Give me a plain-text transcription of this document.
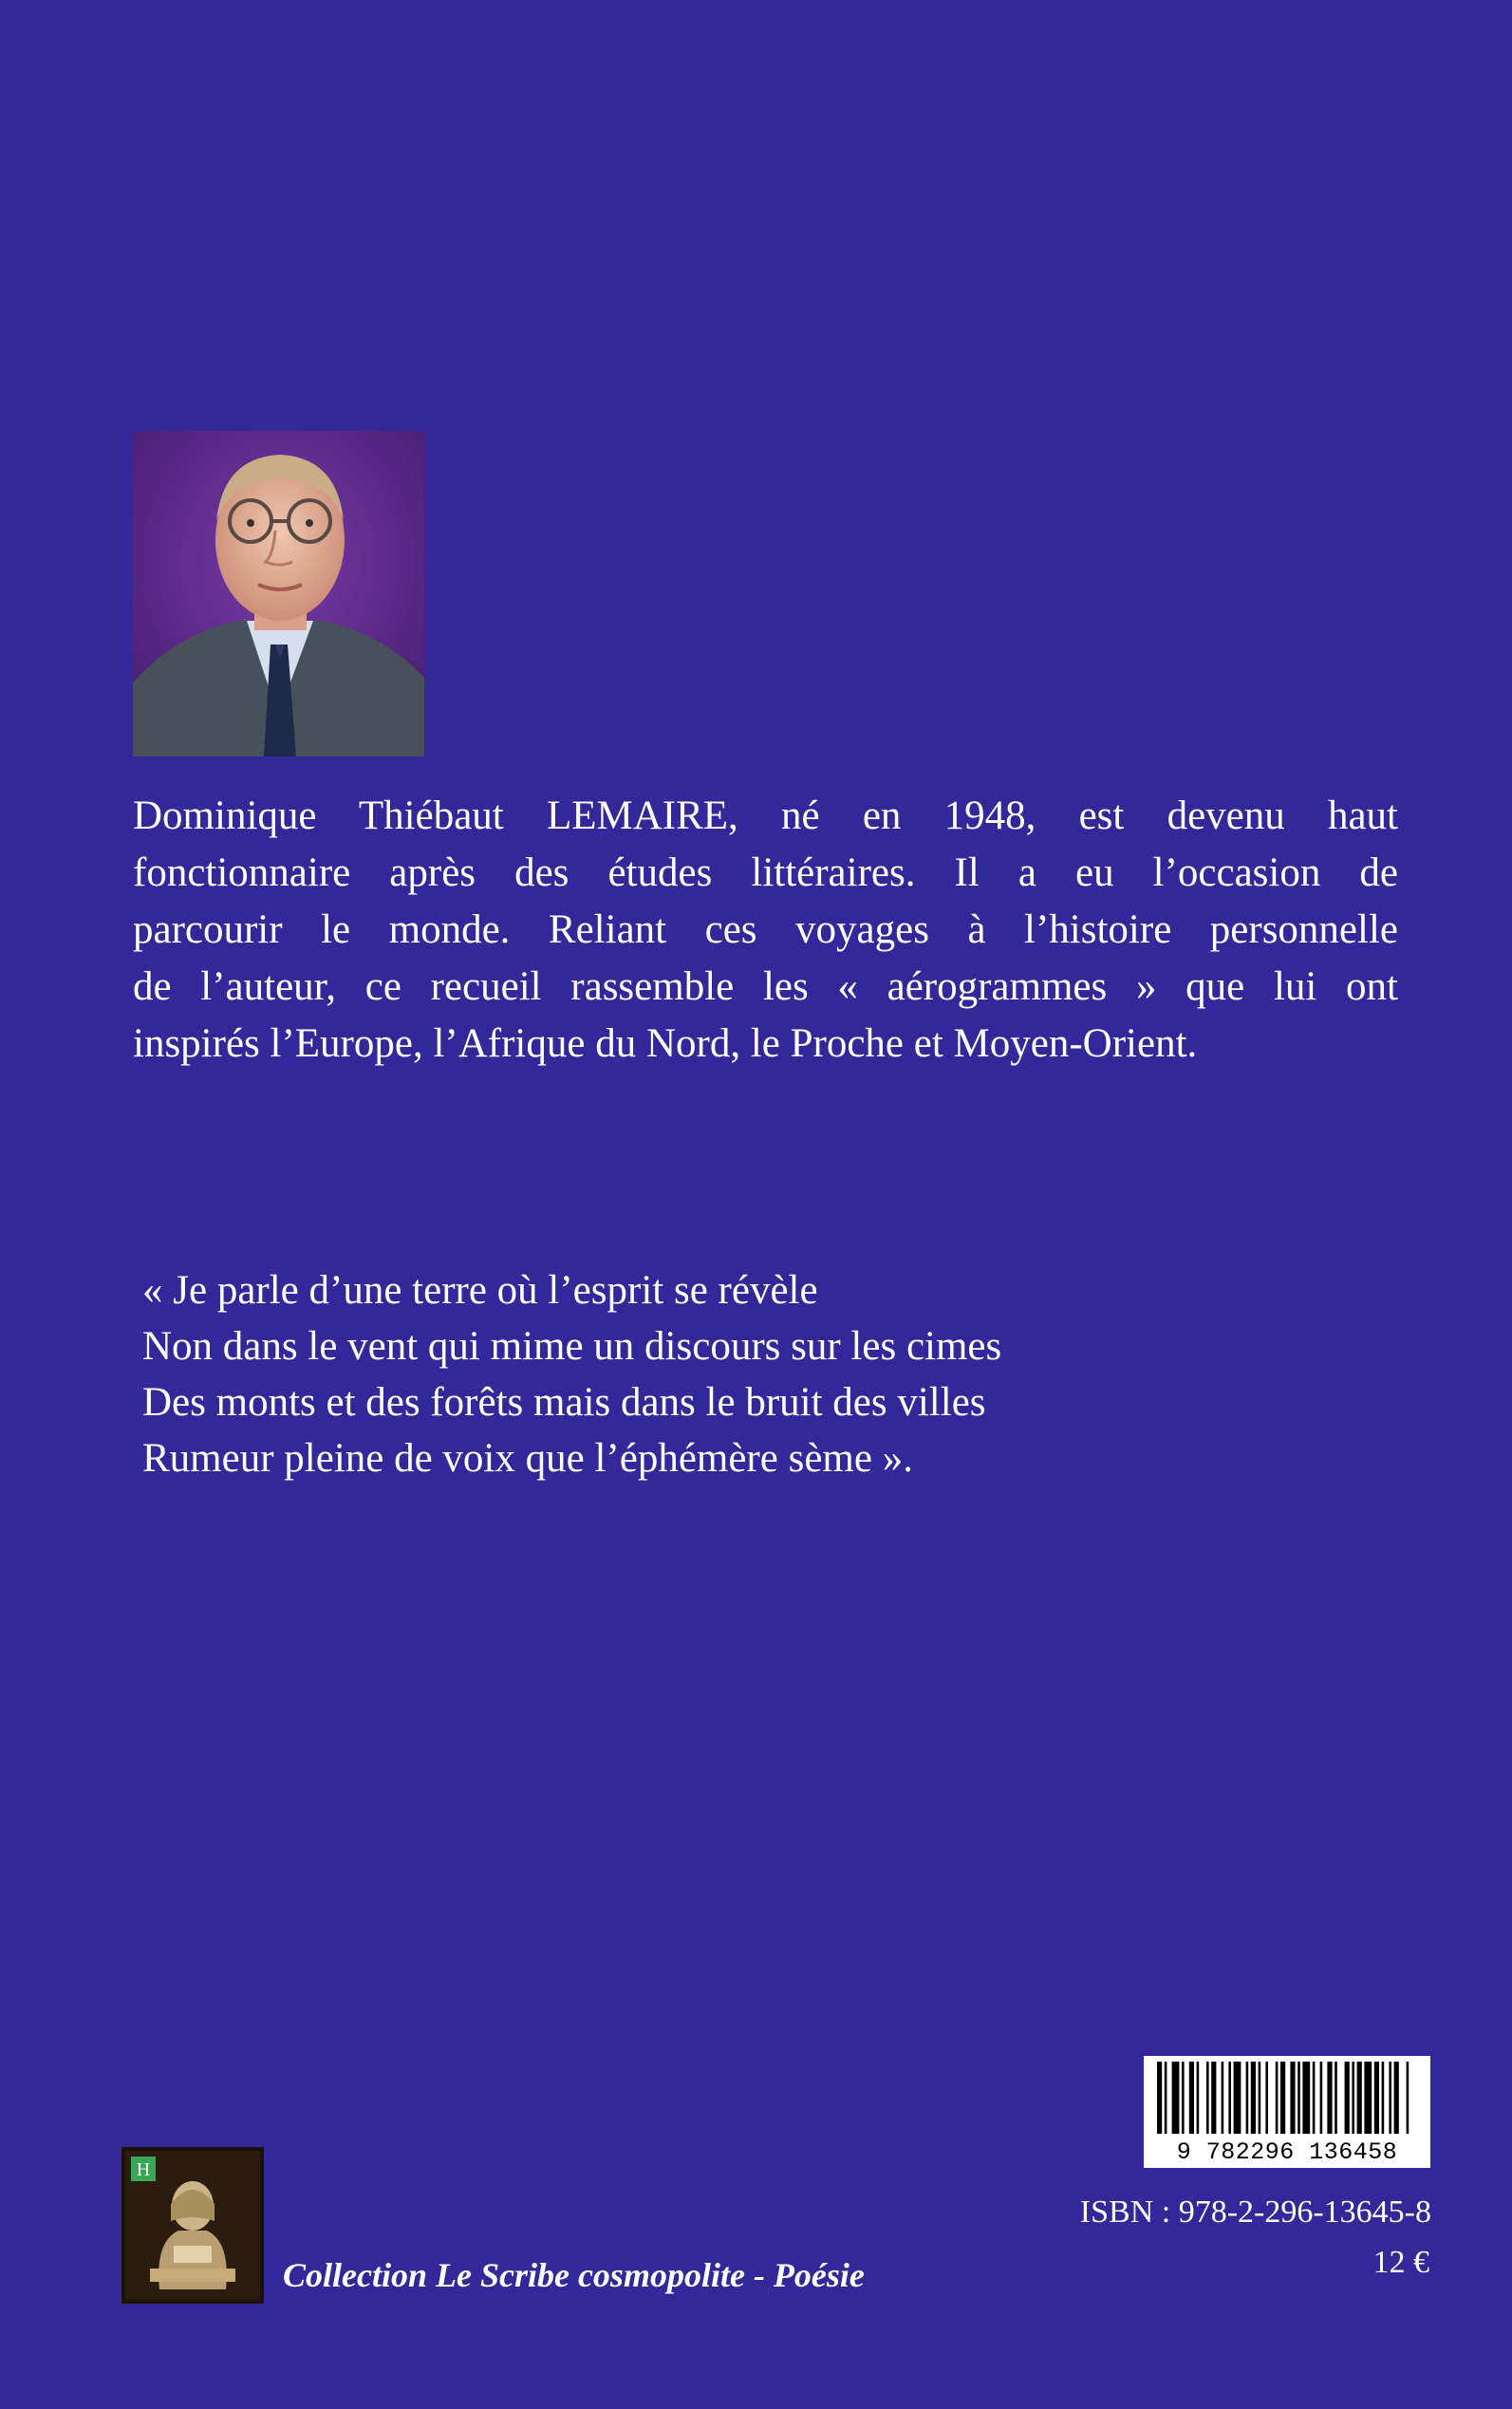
Dominique Thiébaut LEMAIRE, né en 1948, est devenu haut
fonctionnaire après des études littéraires. Il a eu l’occasion de
parcourir le monde. Reliant ces voyages à l’histoire personnelle
de l’auteur, ce recueil rassemble les « aérogrammes » que lui ont
inspirés l’Europe, l’Afrique du Nord, le Proche et Moyen-Orient.

« Je parle d’une terre où l’esprit se révèle
Non dans le vent qui mime un discours sur les cimes
Des monts et des forêts mais dans le bruit des villes
Rumeur pleine de voix que l’éphémère sème ».
9 782296 136458
ISBN : 978-2-296-13645-8
12 €
H
Collection Le Scribe cosmopolite - Poésie
